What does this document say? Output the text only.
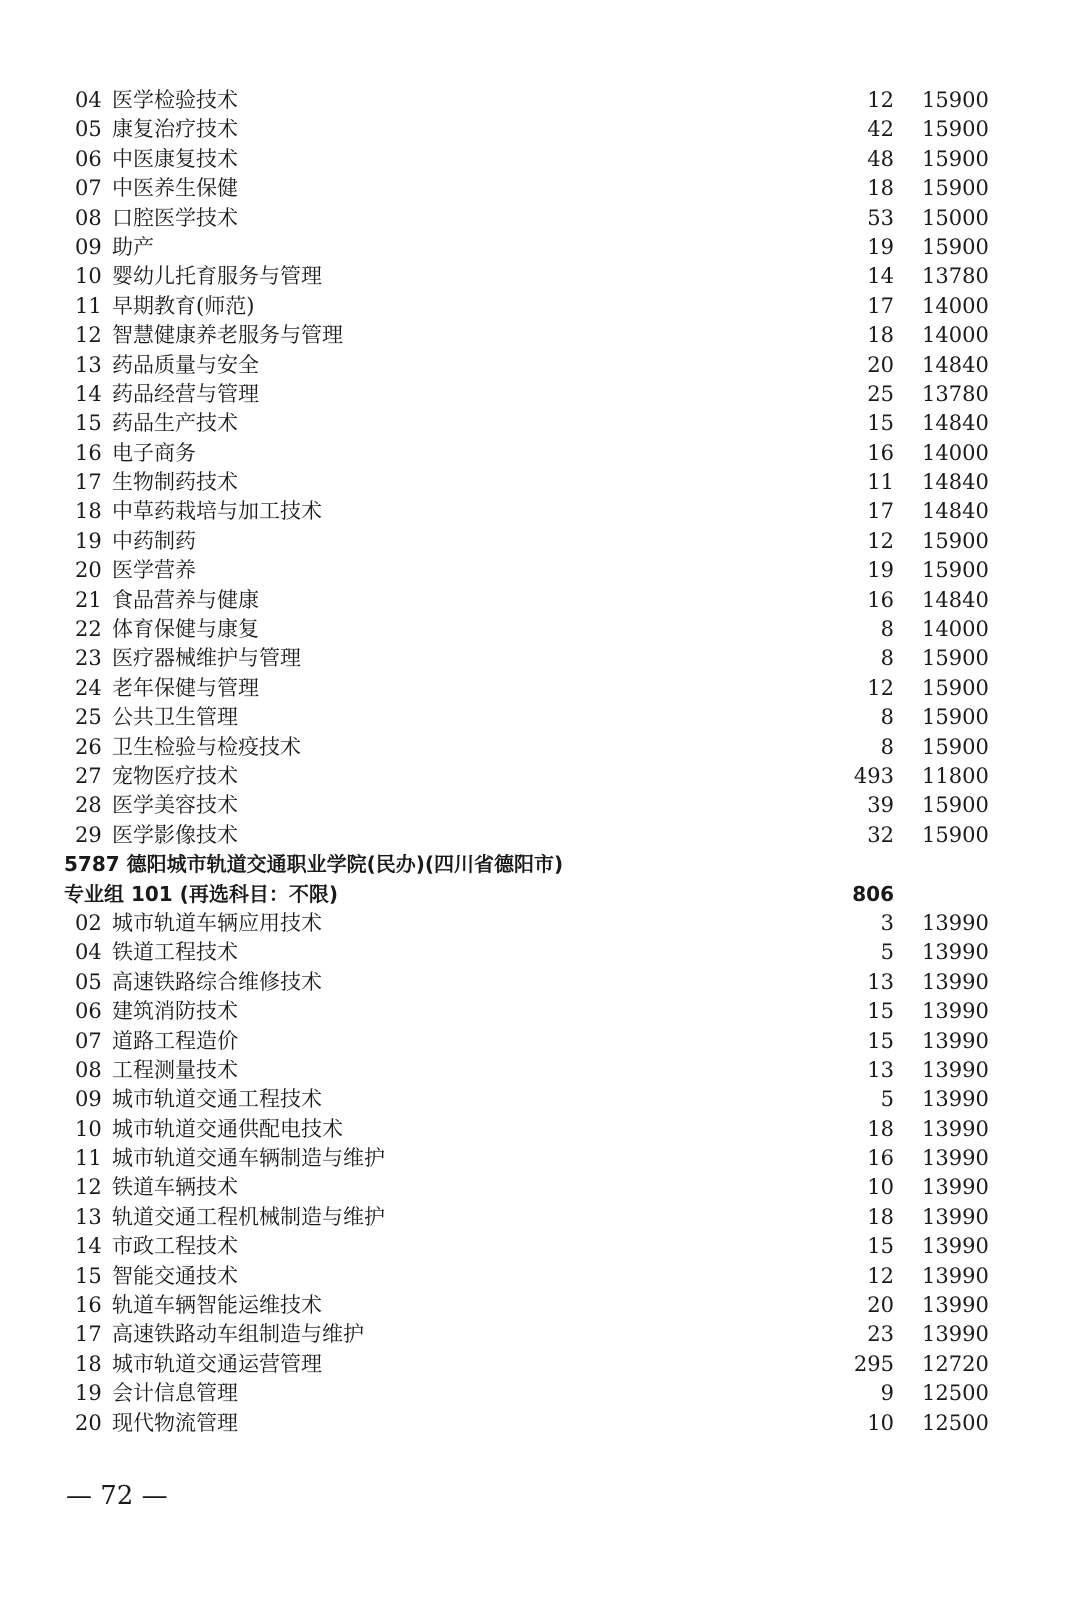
04 医学检验技术	12 15900
05 康复治疗技术	42 15900
06 中医康复技术	48 15900
07 中医养生保健	18 15900
08 口腔医学技术	53 15000
09 助产	19 15900
10 婴幼儿托育服务与管理	14 13780
11 早期教育(师范)	17 14000
12 智慧健康养老服务与管理	18 14000
13 药品质量与安全	20 14840
14 药品经营与管理	25 13780
15 药品生产技术	15 14840
16 电子商务	16 14000
17 生物制药技术	11 14840
18 中草药栽培与加工技术	17 14840
19 中药制药	12 15900
20 医学营养	19 15900
21 食品营养与健康	16 14840
22 体育保健与康复	8 14000
23 医疗器械维护与管理	8 15900
24 老年保健与管理	12 15900
25 公共卫生管理	8 15900
26 卫生检验与检疫技术	8 15900
27 宠物医疗技术	493 11800
28 医学美容技术	39 15900
29 医学影像技术	32 15900
5787 德阳城市轨道交通职业学院(民办)(四川省德阳市)
专业组 101 (再选科目：不限)	806
02 城市轨道车辆应用技术	3 13990
04 铁道工程技术	5 13990
05 高速铁路综合维修技术	13 13990
06 建筑消防技术	15 13990
07 道路工程造价	15 13990
08 工程测量技术	13 13990
09 城市轨道交通工程技术	5 13990
10 城市轨道交通供配电技术	18 13990
11 城市轨道交通车辆制造与维护	16 13990
12 铁道车辆技术	10 13990
13 轨道交通工程机械制造与维护	18 13990
14 市政工程技术	15 13990
15 智能交通技术	12 13990
16 轨道车辆智能运维技术	20 13990
17 高速铁路动车组制造与维护	23 13990
18 城市轨道交通运营管理	295 12720
19 会计信息管理	9 12500
20 现代物流管理	10 12500
— 72 —
